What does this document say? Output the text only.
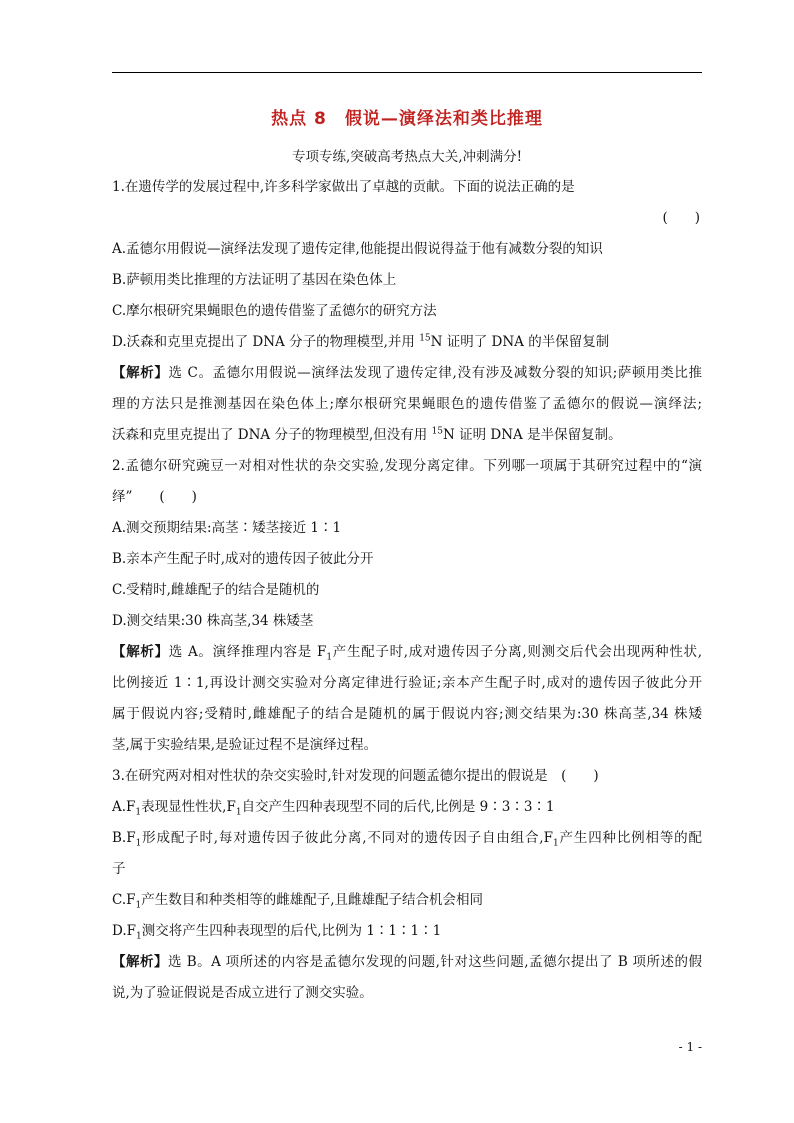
热点 8　假说—演绎法和类比推理
专项专练,突破高考热点大关,冲刺满分!
1.在遗传学的发展过程中,许多科学家做出了卓越的贡献。下面的说法正确的是
(　　)
A.孟德尔用假说—演绎法发现了遗传定律,他能提出假说得益于他有减数分裂的知识
B.萨顿用类比推理的方法证明了基因在染色体上
C.摩尔根研究果蝇眼色的遗传借鉴了孟德尔的研究方法
D.沃森和克里克提出了 DNA 分子的物理模型,并用 $^{15}$N 证明了 DNA 的半保留复制
【解析】选 C。孟德尔用假说—演绎法发现了遗传定律,没有涉及减数分裂的知识;萨顿用类比推
理的方法只是推测基因在染色体上;摩尔根研究果蝇眼色的遗传借鉴了孟德尔的假说—演绎法;
沃森和克里克提出了 DNA 分子的物理模型,但没有用 $^{15}$N 证明 DNA 是半保留复制。
2.孟德尔研究豌豆一对相对性状的杂交实验,发现分离定律。下列哪一项属于其研究过程中的“演
绎”　　(　　)
A.测交预期结果:高茎∶矮茎接近 1∶1
B.亲本产生配子时,成对的遗传因子彼此分开
C.受精时,雌雄配子的结合是随机的
D.测交结果:30 株高茎,34 株矮茎
【解析】选 A。演绎推理内容是 $F_1$产生配子时,成对遗传因子分离,则测交后代会出现两种性状,
比例接近 1∶1,再设计测交实验对分离定律进行验证;亲本产生配子时,成对的遗传因子彼此分开
属于假说内容;受精时,雌雄配子的结合是随机的属于假说内容;测交结果为:30 株高茎,34 株矮
茎,属于实验结果,是验证过程不是演绎过程。
3.在研究两对相对性状的杂交实验时,针对发现的问题孟德尔提出的假说是　(　　)
$A.F_1$表现显性性状$,F_1$自交产生四种表现型不同的后代,比例是 9∶3∶3∶1
$B.F_1$形成配子时,每对遗传因子彼此分离,不同对的遗传因子自由组合$,F_1$产生四种比例相等的配
子
$C.F_1$产生数目和种类相等的雌雄配子,且雌雄配子结合机会相同
$D.F_1$测交将产生四种表现型的后代,比例为 1∶1∶1∶1
【解析】选 B。A 项所述的内容是孟德尔发现的问题,针对这些问题,孟德尔提出了 B 项所述的假
说,为了验证假说是否成立进行了测交实验。
- 1 -
